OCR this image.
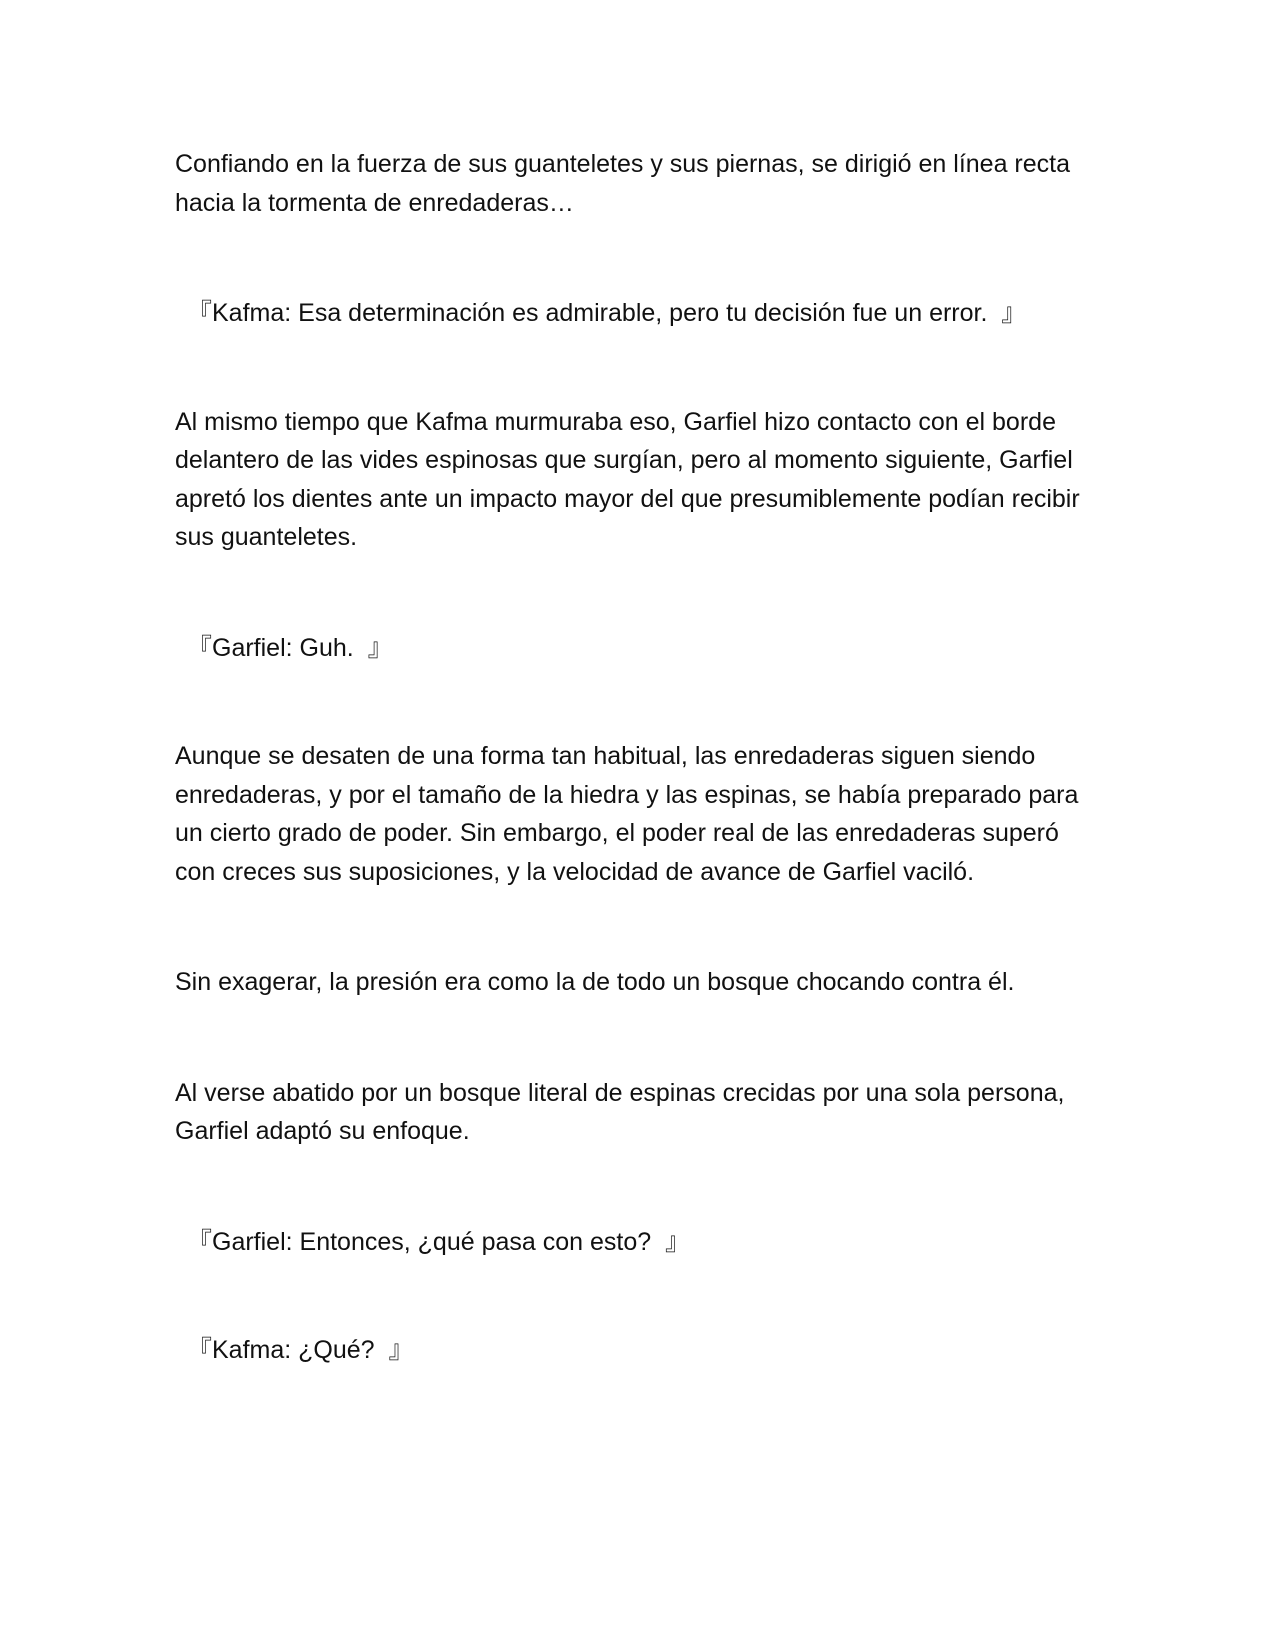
Confiando en la fuerza de sus guanteletes y sus piernas, se dirigió en línea recta hacia la tormenta de enredaderas…

『Kafma: Esa determinación es admirable, pero tu decisión fue un error.  』

Al mismo tiempo que Kafma murmuraba eso, Garfiel hizo contacto con el borde delantero de las vides espinosas que surgían, pero al momento siguiente, Garfiel apretó los dientes ante un impacto mayor del que presumiblemente podían recibir sus guanteletes.

『Garfiel: Guh.  』

Aunque se desaten de una forma tan habitual, las enredaderas siguen siendo enredaderas, y por el tamaño de la hiedra y las espinas, se había preparado para un cierto grado de poder. Sin embargo, el poder real de las enredaderas superó con creces sus suposiciones, y la velocidad de avance de Garfiel vaciló.

Sin exagerar, la presión era como la de todo un bosque chocando contra él.

Al verse abatido por un bosque literal de espinas crecidas por una sola persona, Garfiel adaptó su enfoque.

『Garfiel: Entonces, ¿qué pasa con esto?  』

『Kafma: ¿Qué?  』
